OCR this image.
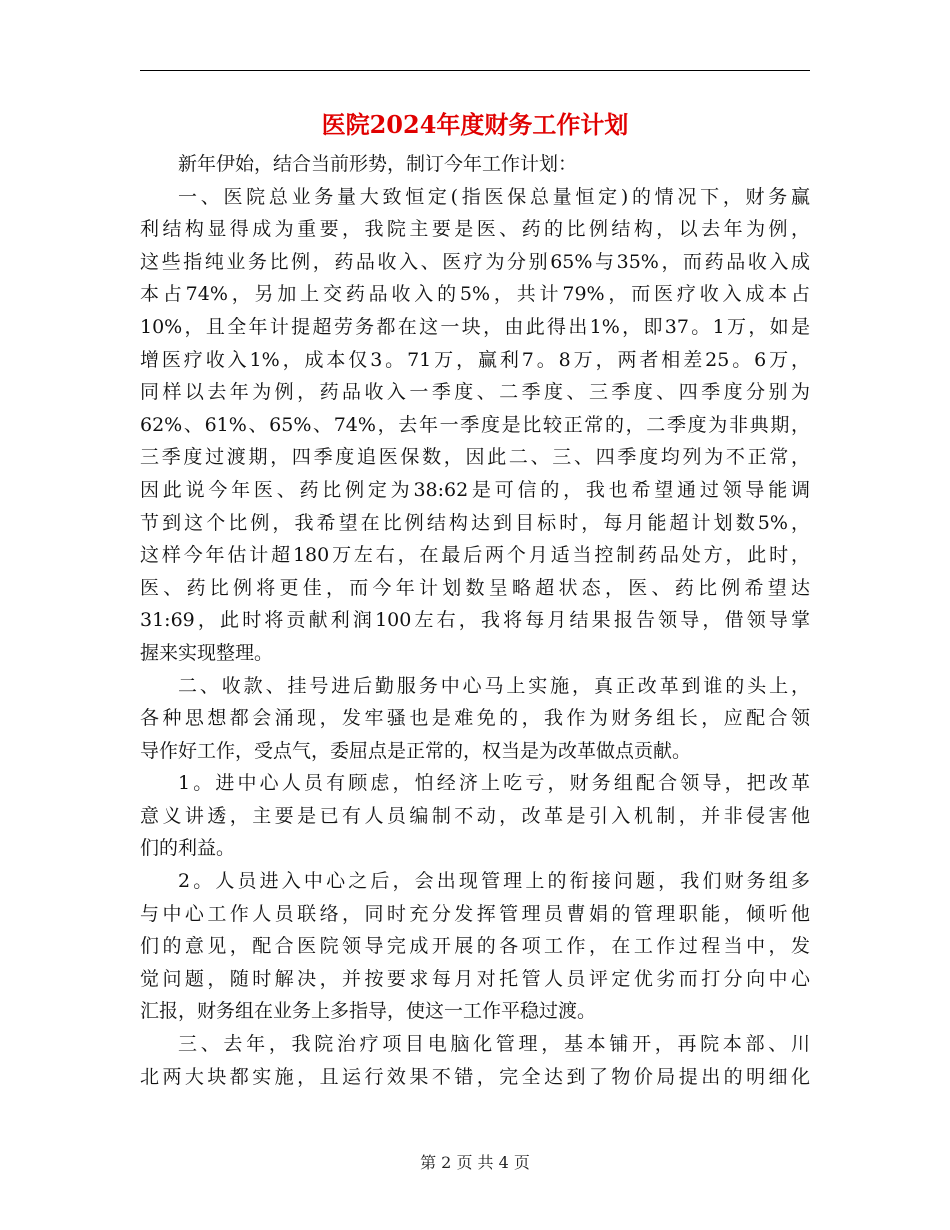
医院2024年度财务工作计划
新年伊始，结合当前形势，制订今年工作计划：
一、医院总业务量大致恒定(指医保总量恒定)的情况下，财务赢
利结构显得成为重要，我院主要是医、药的比例结构，以去年为例，
这些指纯业务比例，药品收入、医疗为分别65%与35%，而药品收入成
本占74%，另加上交药品收入的5%，共计79%，而医疗收入成本占
10%，且全年计提超劳务都在这一块，由此得出1%，即37。1万，如是
增医疗收入1%，成本仅3。71万，赢利7。8万，两者相差25。6万，
同样以去年为例，药品收入一季度、二季度、三季度、四季度分别为
62%、61%、65%、74%，去年一季度是比较正常的，二季度为非典期，
三季度过渡期，四季度追医保数，因此二、三、四季度均列为不正常，
因此说今年医、药比例定为38:62是可信的，我也希望通过领导能调
节到这个比例，我希望在比例结构达到目标时，每月能超计划数5%，
这样今年估计超180万左右，在最后两个月适当控制药品处方，此时，
医、药比例将更佳，而今年计划数呈略超状态，医、药比例希望达
31:69，此时将贡献利润100左右，我将每月结果报告领导，借领导掌
握来实现整理。
二、收款、挂号进后勤服务中心马上实施，真正改革到谁的头上，
各种思想都会涌现，发牢骚也是难免的，我作为财务组长，应配合领
导作好工作，受点气，委屈点是正常的，权当是为改革做点贡献。
1。进中心人员有顾虑，怕经济上吃亏，财务组配合领导，把改革
意义讲透，主要是已有人员编制不动，改革是引入机制，并非侵害他
们的利益。
2。人员进入中心之后，会出现管理上的衔接问题，我们财务组多
与中心工作人员联络，同时充分发挥管理员曹娟的管理职能，倾听他
们的意见，配合医院领导完成开展的各项工作，在工作过程当中，发
觉问题，随时解决，并按要求每月对托管人员评定优劣而打分向中心
汇报，财务组在业务上多指导，使这一工作平稳过渡。
三、去年，我院治疗项目电脑化管理，基本铺开，再院本部、川
北两大块都实施，且运行效果不错，完全达到了物价局提出的明细化
第 2 页 共 4 页
